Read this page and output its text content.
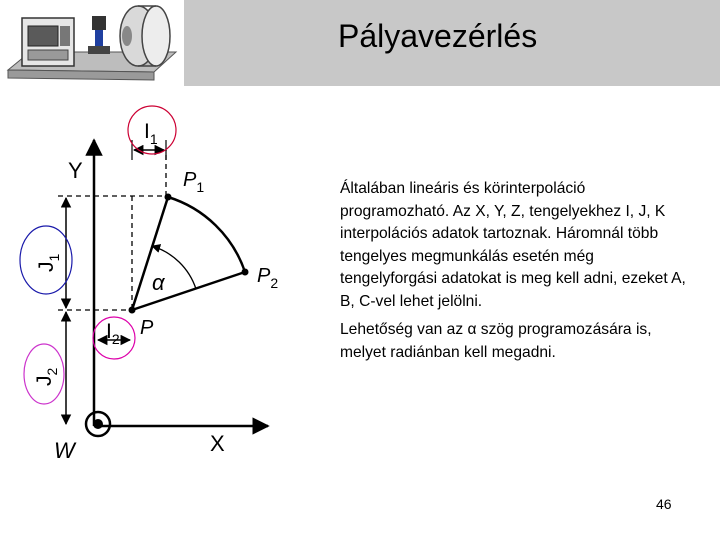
Pályavezérlés
Y
X
W
P
$P_1$
$P_2$
α
$I_1$
$I_2$
$J_1$
$J_2$

Általában lineáris és körinterpoláció programozható. Az X, Y, Z, tengelyekhez I, J, K interpolációs adatok tartoznak. Háromnál több tengelyes megmunkálás esetén még tengelyforgási adatokat is meg kell adni, ezeket A, B, C-vel lehet jelölni.

Lehetőség van az α szög programozására is, melyet radiánban kell megadni.

46
